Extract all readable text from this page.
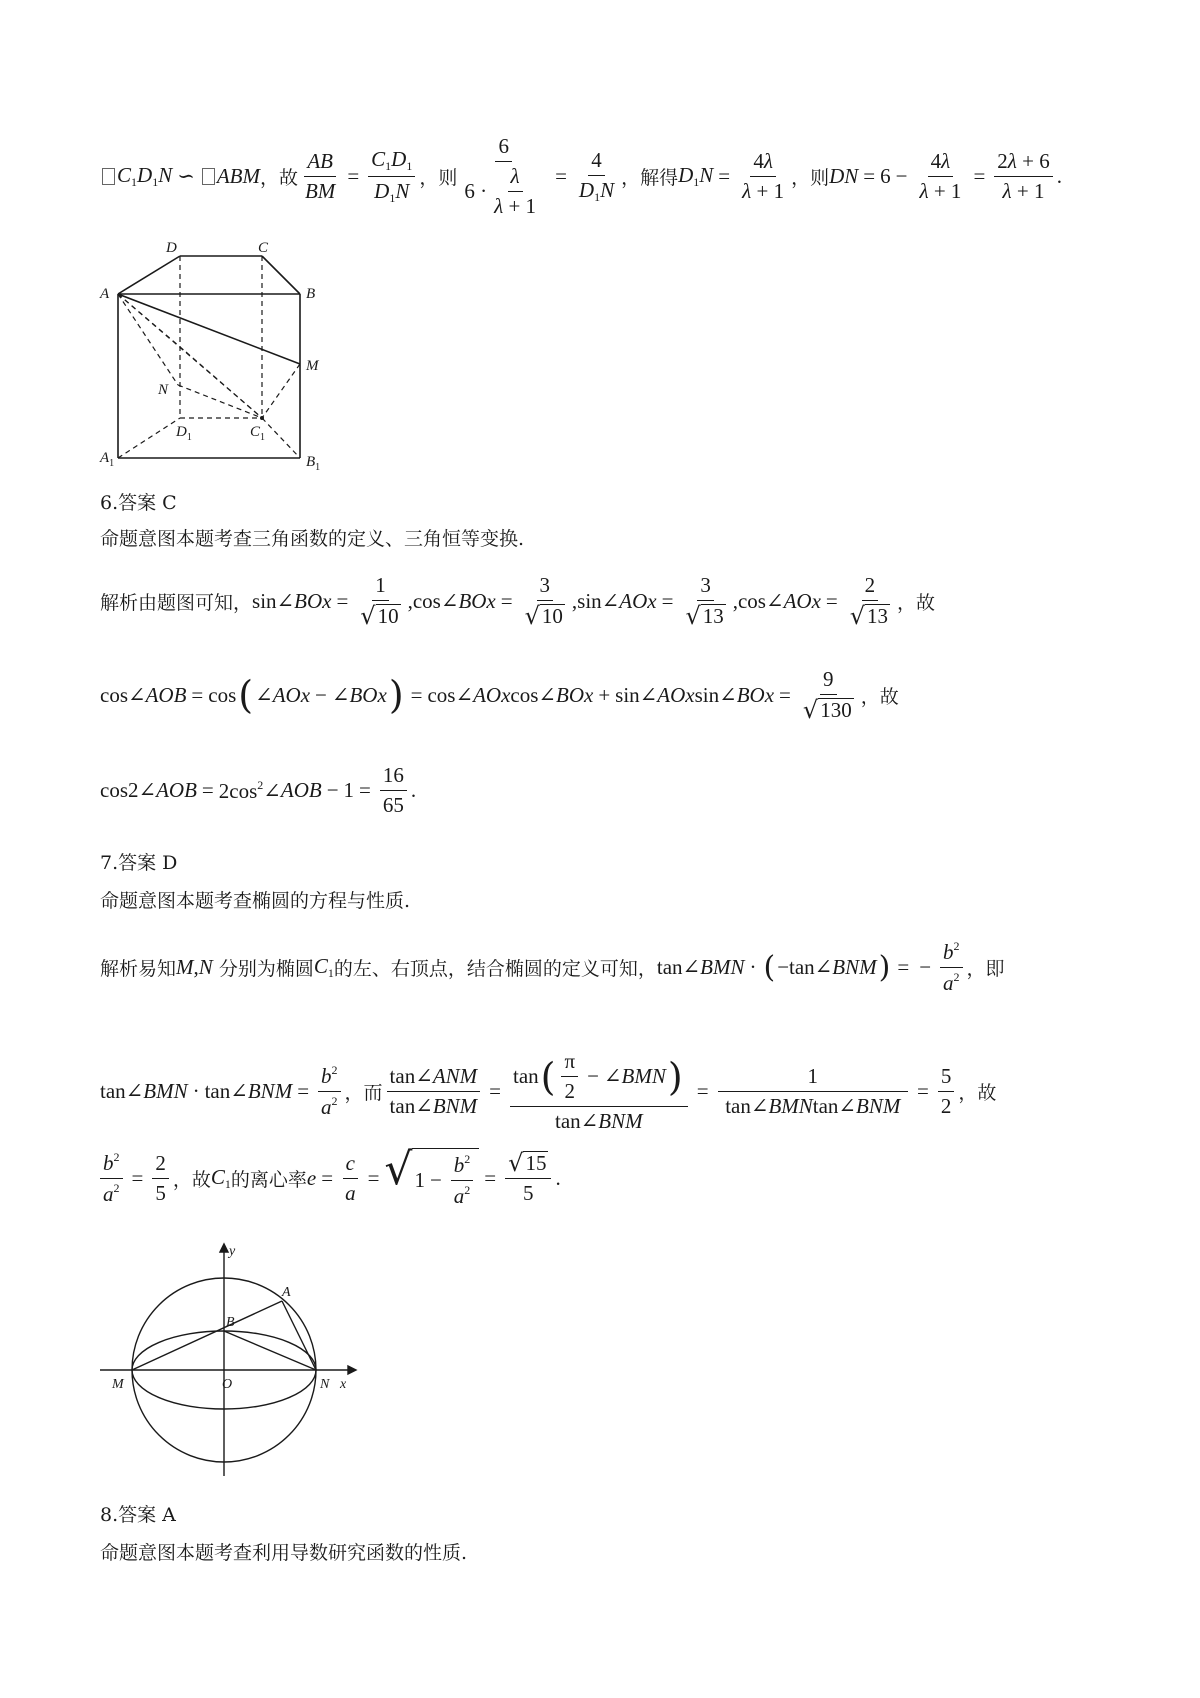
$C_1D_1N$ ∽ ABM ，故 $\frac{AB}{BM} = \frac{C_1D_1}{D_1N}$ ，则 $\frac{6}{6 \cdot \frac{\lambda}{\lambda + 1}} = \frac{4}{D_1N}$ ，解得 $D_1N = \frac{4\lambda}{\lambda + 1}$ ，则 DN = $6 - \frac{4\lambda}{\lambda + 1} = \frac{2\lambda + 6}{\lambda + 1}$ .
D	C
A	B
M
N
$D_1$	$C_1$
$A_1$	$B_1$
6.答案 C
命题意图本题考查三角函数的定义、三角恒等变换.
解析由题图可知， sin∠ BOx = $\frac{1}{√ 10}$ ,cos∠ BOx = $\frac{3}{√ 10}$ ,sin∠ AOx = $\frac{3}{√ 13}$ ,cos∠ AOx = $\frac{2}{√ 13}$ ，故
cos∠ AOB = cos ( ∠ AOx − ∠ BOx ) = cos∠ AOx cos∠ BOx + sin∠ AOx sin∠ BOx = $\frac{9}{√ 130}$ ，故
cos2∠ AOB = $2\cos^2\angle$ AOB − $1 = \frac{16}{65}$ .
7.答案 D
命题意图本题考查椭圆的方程与性质.
解析易知 M , N
分别为椭圆 $C_1$ 的左、右顶点，结合椭圆的定义可知， tan∠ BMN · ( −tan∠ BNM ) = − $\frac{b^2}{a^2}$ ，即
tan∠ BMN · tan∠ BNM = $\frac{b^2}{a^2}$ ，而 $\frac{\text{tan∠ANM}}{\text{tan∠BNM}} = \frac{\tan ( \frac{\pi}{2} - \angle BMN )}{\text{tan∠BNM}} = \frac{1}{\text{tan∠BMNtan∠BNM}} = \frac{5}{2}$ ，故
$\frac{b^2}{a^2} = \frac{2}{5}$ ，故 $C_1$ 的离心率 $e = \frac{c}{a}$ = √ $1 - \frac{b^2}{a^2} = \frac{√ 15}{5}$ .
y
A
B
M	O	N x
8.答案 A
命题意图本题考查利用导数研究函数的性质.
